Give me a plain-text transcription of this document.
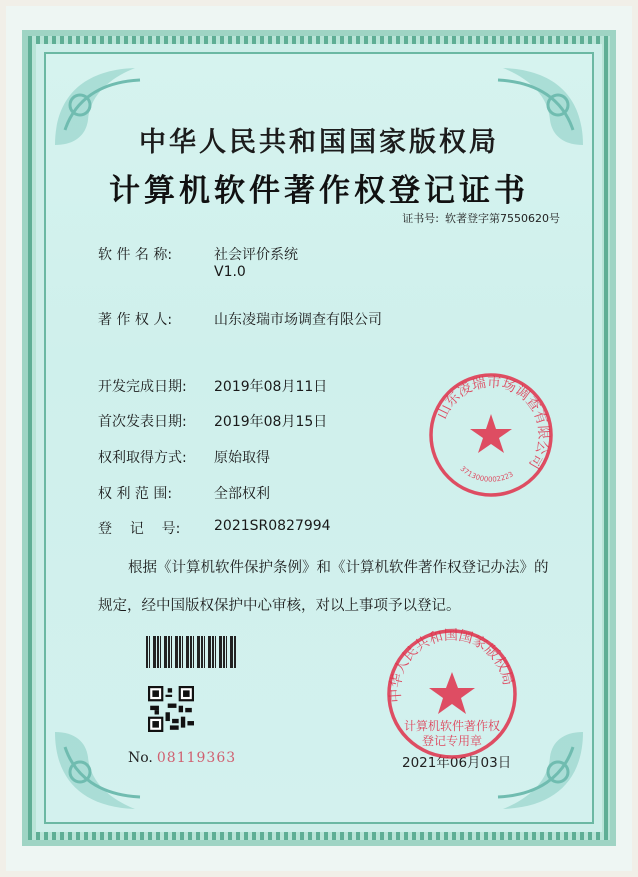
中华人民共和国国家版权局
计算机软件著作权登记证书
证书号: 软著登字第7550620号
软 件 名 称:	社会评价系统
V1.0
著 作 权 人:	山东凌瑞市场调查有限公司
开发完成日期: 2019年08月11日
首次发表日期: 2019年08月15日
权利取得方式: 原始取得
权 利 范 围:	全部权利
登    记    号: 2021SR0827994
根据《计算机软件保护条例》和《计算机软件著作权登记办法》的
规定，经中国版权保护中心审核，对以上事项予以登记。
No. 08119363	2021年06月03日
山东凌瑞市场调查有限公司
3713000002223
中华人民共和国国家版权局
计算机软件著作权
登记专用章
